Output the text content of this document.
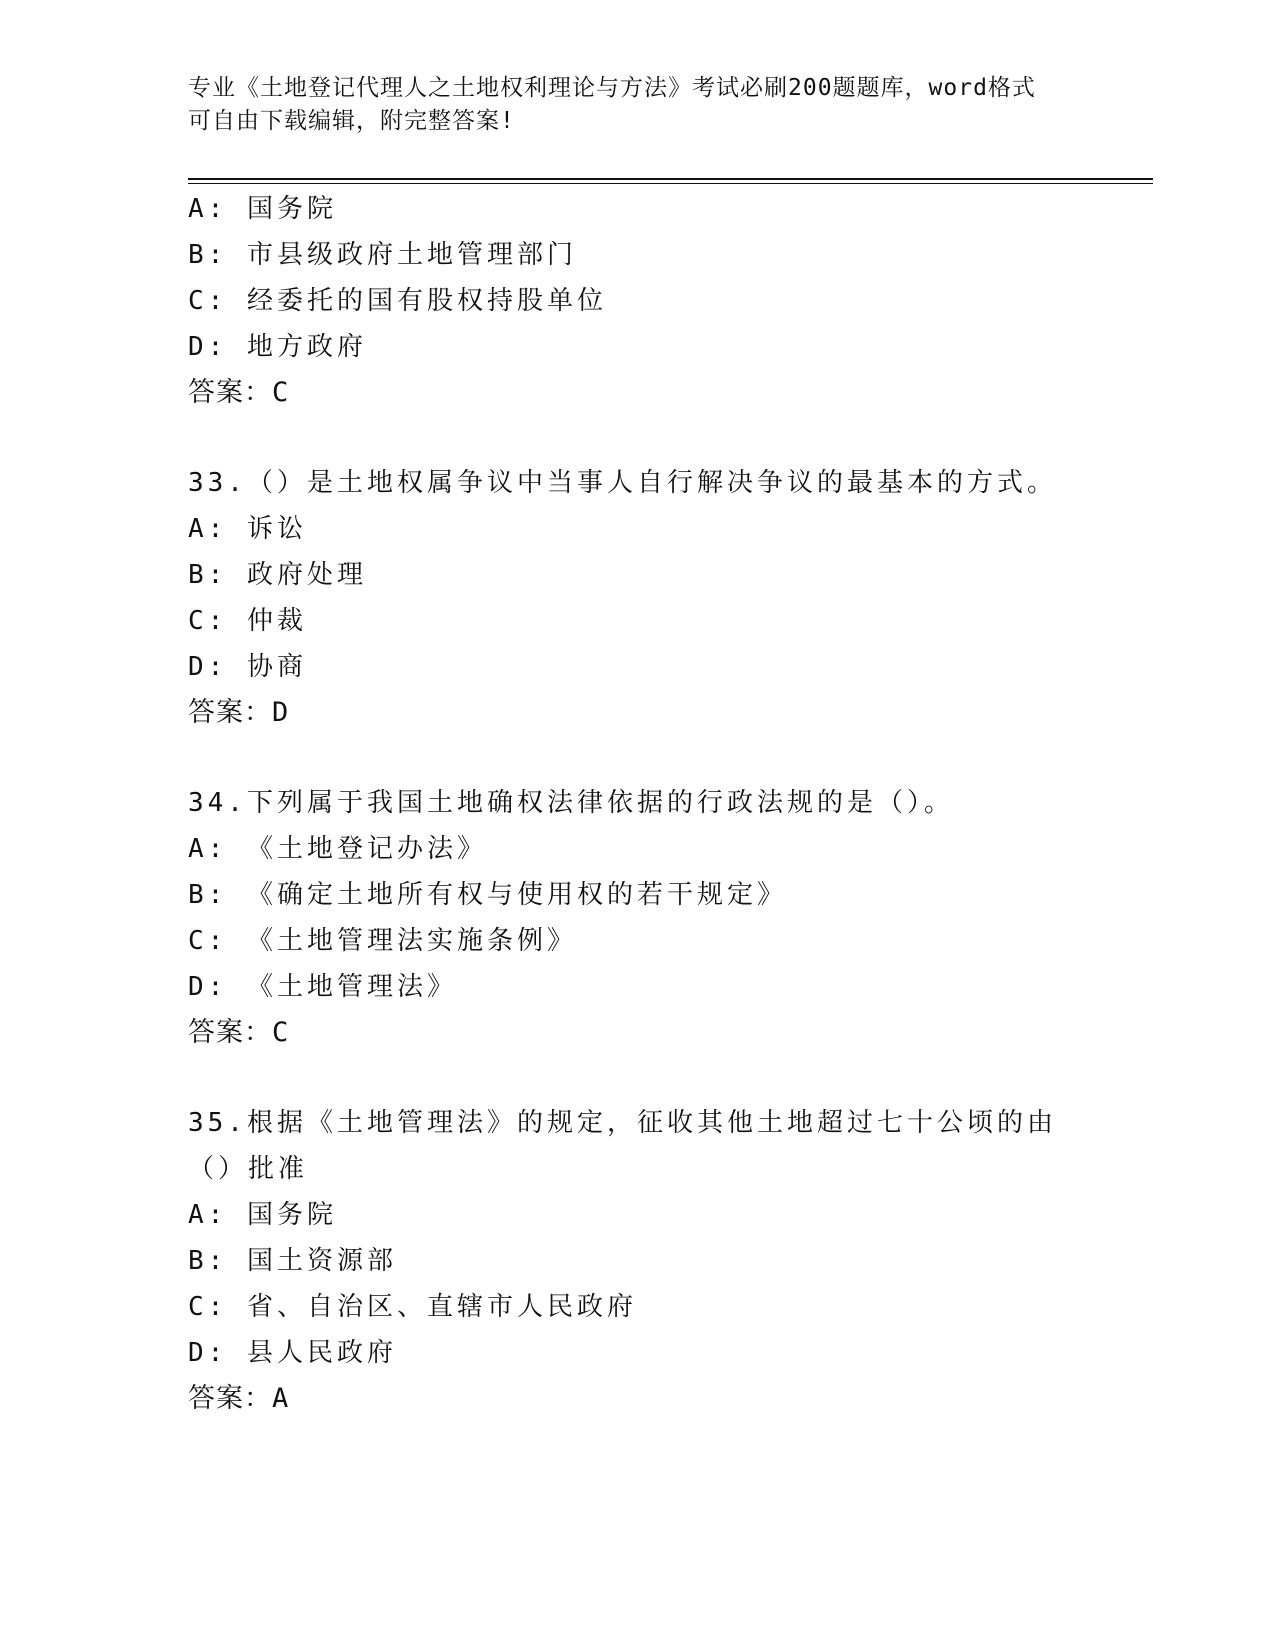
专业《土地登记代理人之土地权利理论与方法》考试必刷200题题库，word格式
可自由下载编辑，附完整答案!
A: 国务院
B: 市县级政府土地管理部门
C: 经委托的国有股权持股单位
D: 地方政府
答案：C
33.（）是土地权属争议中当事人自行解决争议的最基本的方式。
A: 诉讼
B: 政府处理
C: 仲裁
D: 协商
答案：D
34.下列属于我国土地确权法律依据的行政法规的是（）。
A: 《土地登记办法》
B: 《确定土地所有权与使用权的若干规定》
C: 《土地管理法实施条例》
D: 《土地管理法》
答案：C
35.根据《土地管理法》的规定，征收其他土地超过七十公顷的由（）批准
A: 国务院
B: 国土资源部
C: 省、自治区、直辖市人民政府
D: 县人民政府
答案：A
